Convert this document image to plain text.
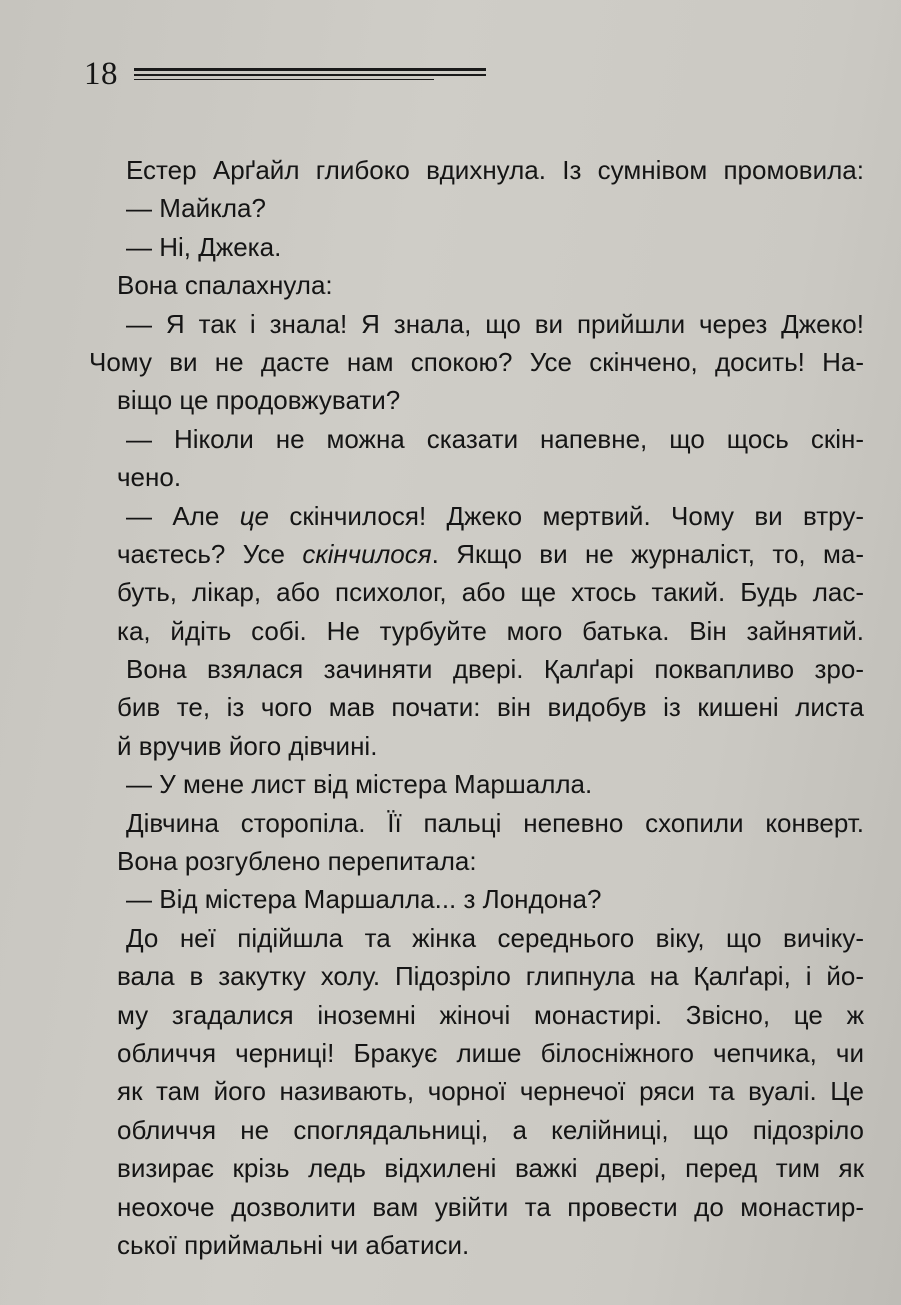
18
Естер Арґайл глибоко вдихнула. Із сумнівом промовила:
— Майкла?
— Ні, Джека.
Вона спалахнула:
— Я так і знала! Я знала, що ви прийшли через Джеко!
Чому ви не дасте нам спокою? Усе скінчено, досить! На-
віщо це продовжувати?
— Ніколи не можна сказати напевне, що щось скін-
чено.
— Але це скінчилося! Джеко мертвий. Чому ви втру-
чаєтесь? Усе скінчилося. Якщо ви не журналіст, то, ма-
буть, лікар, або психолог, або ще хтось такий. Будь лас-
ка, йдіть собі. Не турбуйте мого батька. Він зайнятий.
Вона взялася зачиняти двері. Қалґарі поквапливо зро-
бив те, із чого мав почати: він видобув із кишені листа
й вручив його дівчині.
— У мене лист від містера Маршалла.
Дівчина сторопіла. Її пальці непевно схопили конверт.
Вона розгублено перепитала:
— Від містера Маршалла... з Лондона?
До неї підійшла та жінка середнього віку, що вичіку-
вала в закутку холу. Підозріло глипнула на Қалґарі, і йо-
му згадалися іноземні жіночі монастирі. Звісно, це ж
обличчя черниці! Бракує лише білосніжного чепчика, чи
як там його називають, чорної чернечої ряси та вуалі. Це
обличчя не споглядальниці, а келійниці, що підозріло
визирає крізь ледь відхилені важкі двері, перед тим як
неохоче дозволити вам увійти та провести до монастир-
ської приймальні чи абатиси.
